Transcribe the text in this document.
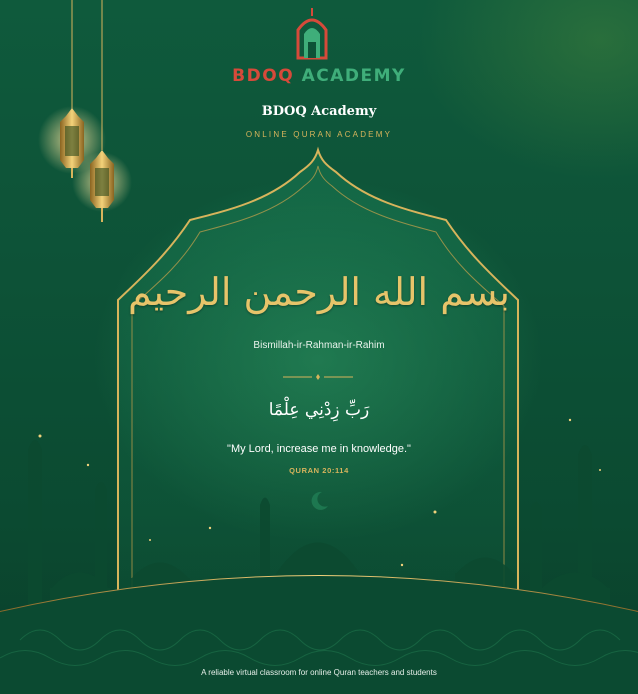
BDOQ ACADEMY
BDOQ Academy
ONLINE QURAN ACADEMY
بسم الله الرحمن الرحيم
Bismillah-ir-Rahman-ir-Rahim
رَبِّ زِدْنِي عِلْمًا
"My Lord, increase me in knowledge."
QURAN 20:114
A reliable virtual classroom for online Quran teachers and students
